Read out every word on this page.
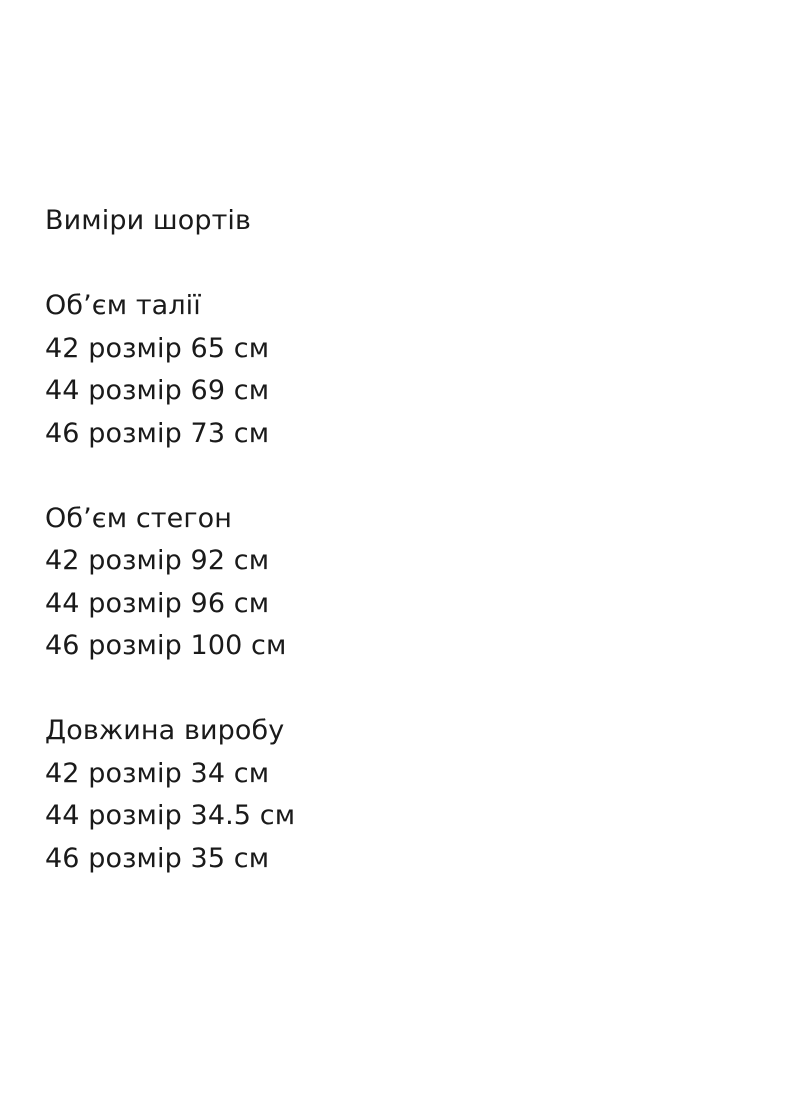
Виміри шортів
Об’єм талії
42 розмір 65 см
44 розмір 69 см
46 розмір 73 см
Об’єм стегон
42 розмір 92 см
44 розмір 96 см
46 розмір 100 см
Довжина виробу
42 розмір 34 см
44 розмір 34.5 см
46 розмір 35 см
